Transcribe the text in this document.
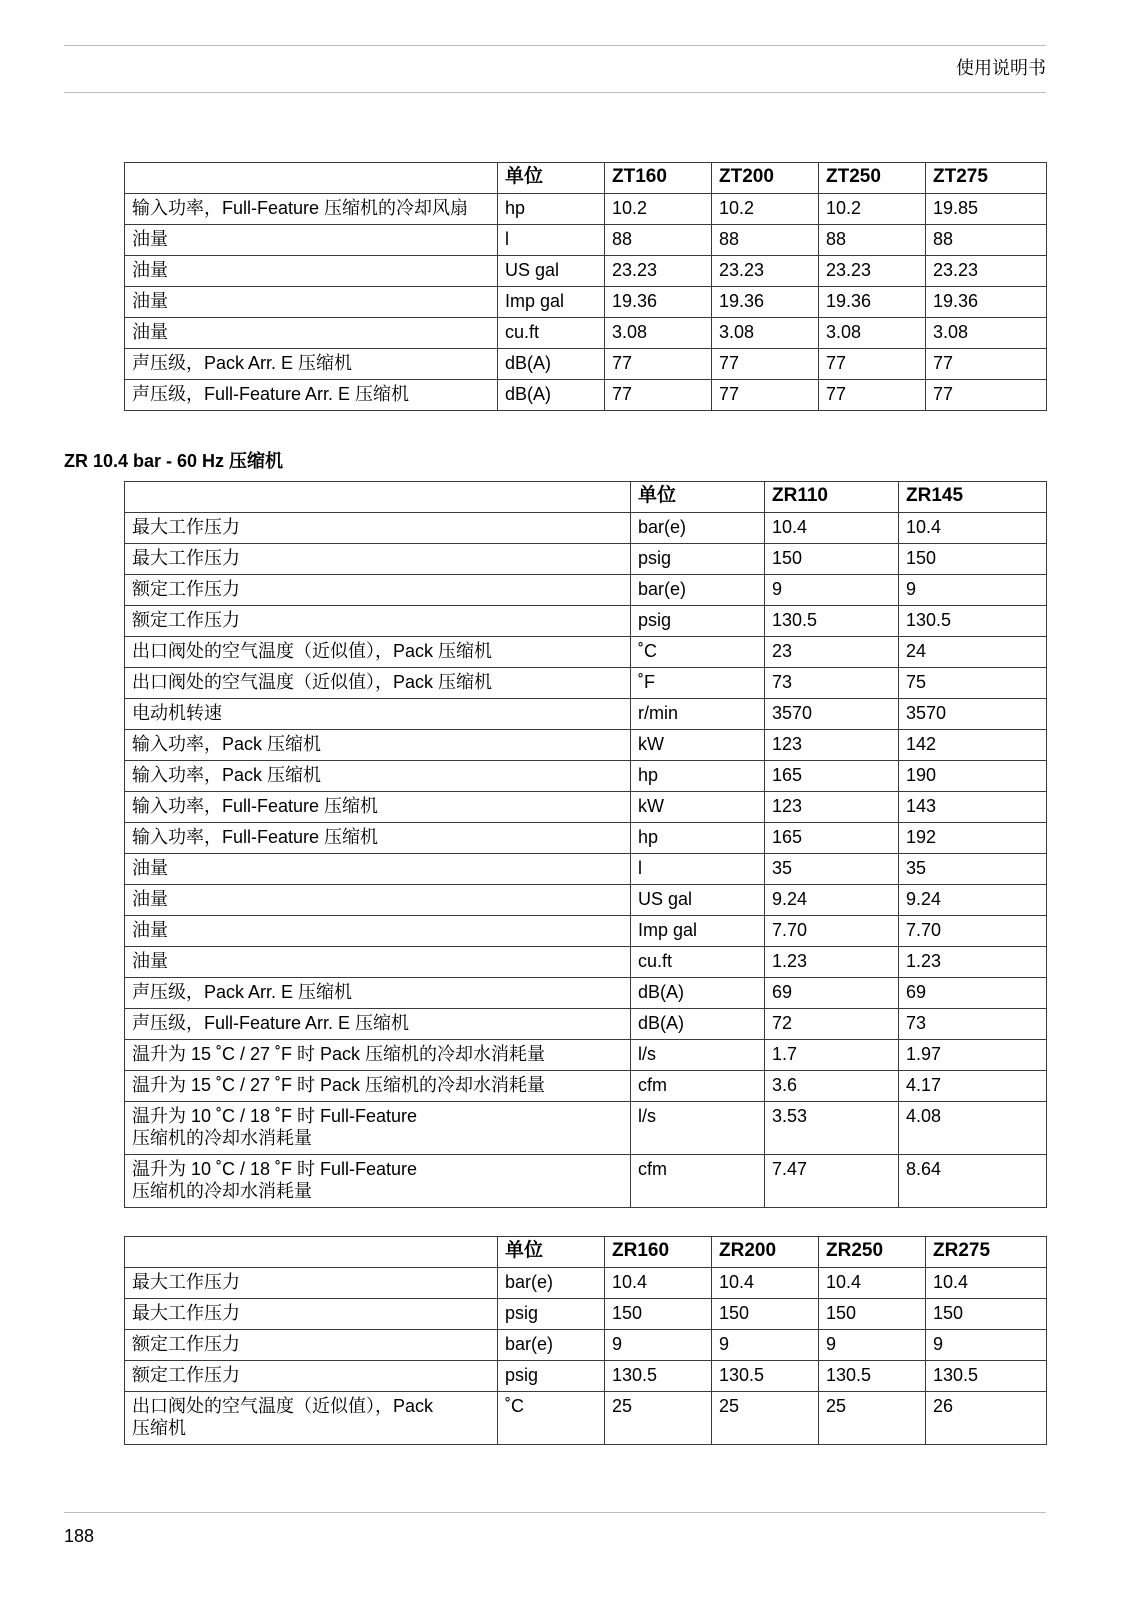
使用说明书
	单位	ZT160	ZT200	ZT250	ZT275
输入功率，Full-Feature 压缩机的冷却风扇	hp	10.2	10.2	10.2	19.85
油量	l	88	88	88	88
油量	US gal	23.23	23.23	23.23	23.23
油量	Imp gal	19.36	19.36	19.36	19.36
油量	cu.ft	3.08	3.08	3.08	3.08
声压级，Pack Arr. E 压缩机	dB(A)	77	77	77	77
声压级，Full-Feature Arr. E 压缩机	dB(A)	77	77	77	77
ZR 10.4 bar - 60 Hz 压缩机
	单位	ZR110	ZR145
最大工作压力	bar(e)	10.4	10.4
最大工作压力	psig	150	150
额定工作压力	bar(e)	9	9
额定工作压力	psig	130.5	130.5
出口阀处的空气温度（近似值），Pack 压缩机	˚C	23	24
出口阀处的空气温度（近似值），Pack 压缩机	˚F	73	75
电动机转速	r/min	3570	3570
输入功率，Pack 压缩机	kW	123	142
输入功率，Pack 压缩机	hp	165	190
输入功率，Full-Feature 压缩机	kW	123	143
输入功率，Full-Feature 压缩机	hp	165	192
油量	l	35	35
油量	US gal	9.24	9.24
油量	Imp gal	7.70	7.70
油量	cu.ft	1.23	1.23
声压级，Pack Arr. E 压缩机	dB(A)	69	69
声压级，Full-Feature Arr. E 压缩机	dB(A)	72	73
温升为 15 ˚C / 27 ˚F 时 Pack 压缩机的冷却水消耗量	l/s	1.7	1.97
温升为 15 ˚C / 27 ˚F 时 Pack 压缩机的冷却水消耗量	cfm	3.6	4.17
温升为 10 ˚C / 18 ˚F 时 Full-Feature
压缩机的冷却水消耗量	l/s	3.53	4.08
温升为 10 ˚C / 18 ˚F 时 Full-Feature
压缩机的冷却水消耗量	cfm	7.47	8.64
	单位	ZR160	ZR200	ZR250	ZR275
最大工作压力	bar(e)	10.4	10.4	10.4	10.4
最大工作压力	psig	150	150	150	150
额定工作压力	bar(e)	9	9	9	9
额定工作压力	psig	130.5	130.5	130.5	130.5
出口阀处的空气温度（近似值），Pack
压缩机	˚C	25	25	25	26
188
